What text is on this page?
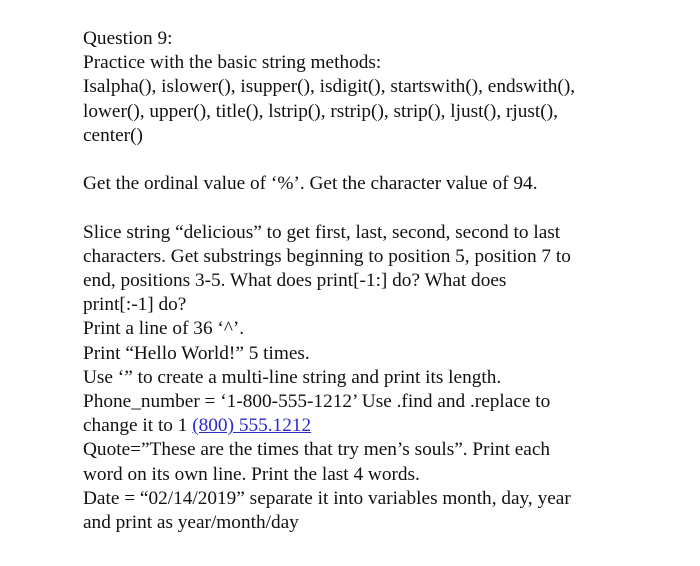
Question 9:
Practice with the basic string methods:
Isalpha(), islower(), isupper(), isdigit(), startswith(), endswith(),
lower(), upper(), title(), lstrip(), rstrip(), strip(), ljust(), rjust(),
center()
Get the ordinal value of ‘%’. Get the character value of 94.
Slice string “delicious” to get first, last, second, second to last
characters. Get substrings beginning to position 5, position 7 to
end, positions 3-5. What does print[-1:] do? What does
print[:-1] do?
Print a line of 36 ‘^’.
Print “Hello World!” 5 times.
Use ‘” to create a multi-line string and print its length.
Phone_number = ‘1-800-555-1212’ Use .find and .replace to
change it to 1 (800) 555.1212
Quote=”These are the times that try men’s souls”. Print each
word on its own line. Print the last 4 words.
Date = “02/14/2019” separate it into variables month, day, year
and print as year/month/day
